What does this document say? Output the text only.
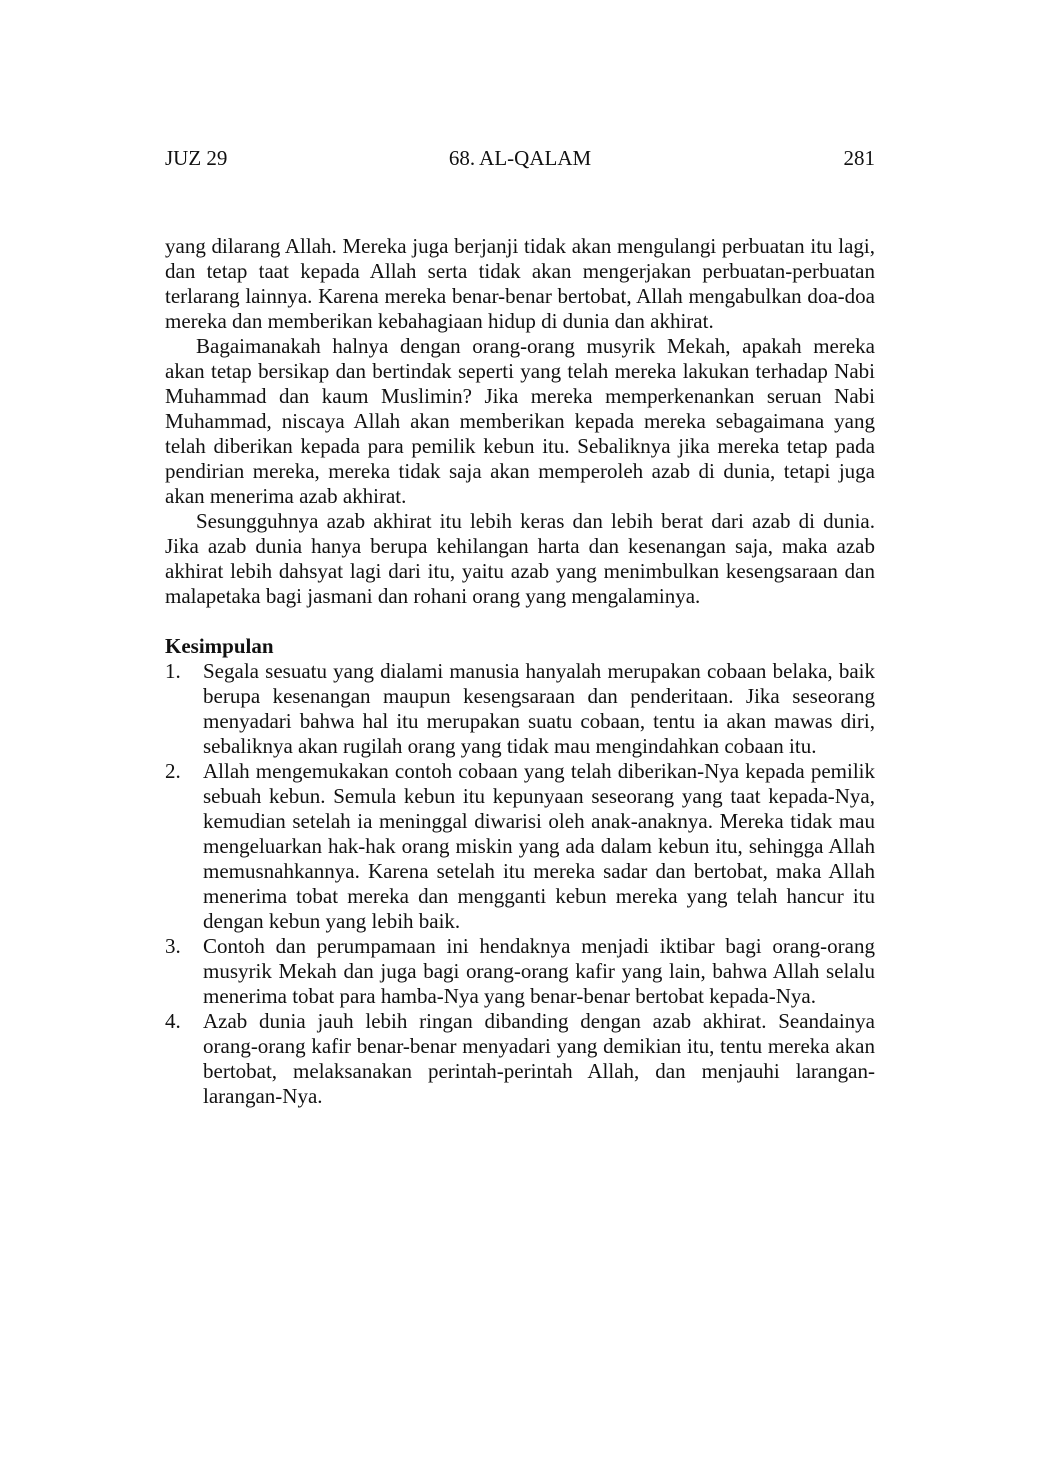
JUZ 29	68. AL-QALAM	281

yang dilarang Allah. Mereka juga berjanji tidak akan mengulangi perbuatan itu lagi, dan tetap taat kepada Allah serta tidak akan mengerjakan perbuatan-perbuatan terlarang lainnya. Karena mereka benar-benar bertobat, Allah mengabulkan doa-doa mereka dan memberikan kebahagiaan hidup di dunia dan akhirat.

Bagaimanakah halnya dengan orang-orang musyrik Mekah, apakah mereka akan tetap bersikap dan bertindak seperti yang telah mereka lakukan terhadap Nabi Muhammad dan kaum Muslimin? Jika mereka memperkenankan seruan Nabi Muhammad, niscaya Allah akan memberikan kepada mereka sebagaimana yang telah diberikan kepada para pemilik kebun itu. Sebaliknya jika mereka tetap pada pendirian mereka, mereka tidak saja akan memperoleh azab di dunia, tetapi juga akan menerima azab akhirat.

Sesungguhnya azab akhirat itu lebih keras dan lebih berat dari azab di dunia. Jika azab dunia hanya berupa kehilangan harta dan kesenangan saja, maka azab akhirat lebih dahsyat lagi dari itu, yaitu azab yang menimbulkan kesengsaraan dan malapetaka bagi jasmani dan rohani orang yang mengalaminya.

Kesimpulan
1. Segala sesuatu yang dialami manusia hanyalah merupakan cobaan belaka, baik berupa kesenangan maupun kesengsaraan dan penderitaan. Jika seseorang menyadari bahwa hal itu merupakan suatu cobaan, tentu ia akan mawas diri, sebaliknya akan rugilah orang yang tidak mau mengindahkan cobaan itu.
2. Allah mengemukakan contoh cobaan yang telah diberikan-Nya kepada pemilik sebuah kebun. Semula kebun itu kepunyaan seseorang yang taat kepada-Nya, kemudian setelah ia meninggal diwarisi oleh anak-anaknya. Mereka tidak mau mengeluarkan hak-hak orang miskin yang ada dalam kebun itu, sehingga Allah memusnahkannya. Karena setelah itu mereka sadar dan bertobat, maka Allah menerima tobat mereka dan mengganti kebun mereka yang telah hancur itu dengan kebun yang lebih baik.
3. Contoh dan perumpamaan ini hendaknya menjadi iktibar bagi orang-orang musyrik Mekah dan juga bagi orang-orang kafir yang lain, bahwa Allah selalu menerima tobat para hamba-Nya yang benar-benar bertobat kepada-Nya.
4. Azab dunia jauh lebih ringan dibanding dengan azab akhirat. Seandainya orang-orang kafir benar-benar menyadari yang demikian itu, tentu mereka akan bertobat, melaksanakan perintah-perintah Allah, dan menjauhi larangan-larangan-Nya.
